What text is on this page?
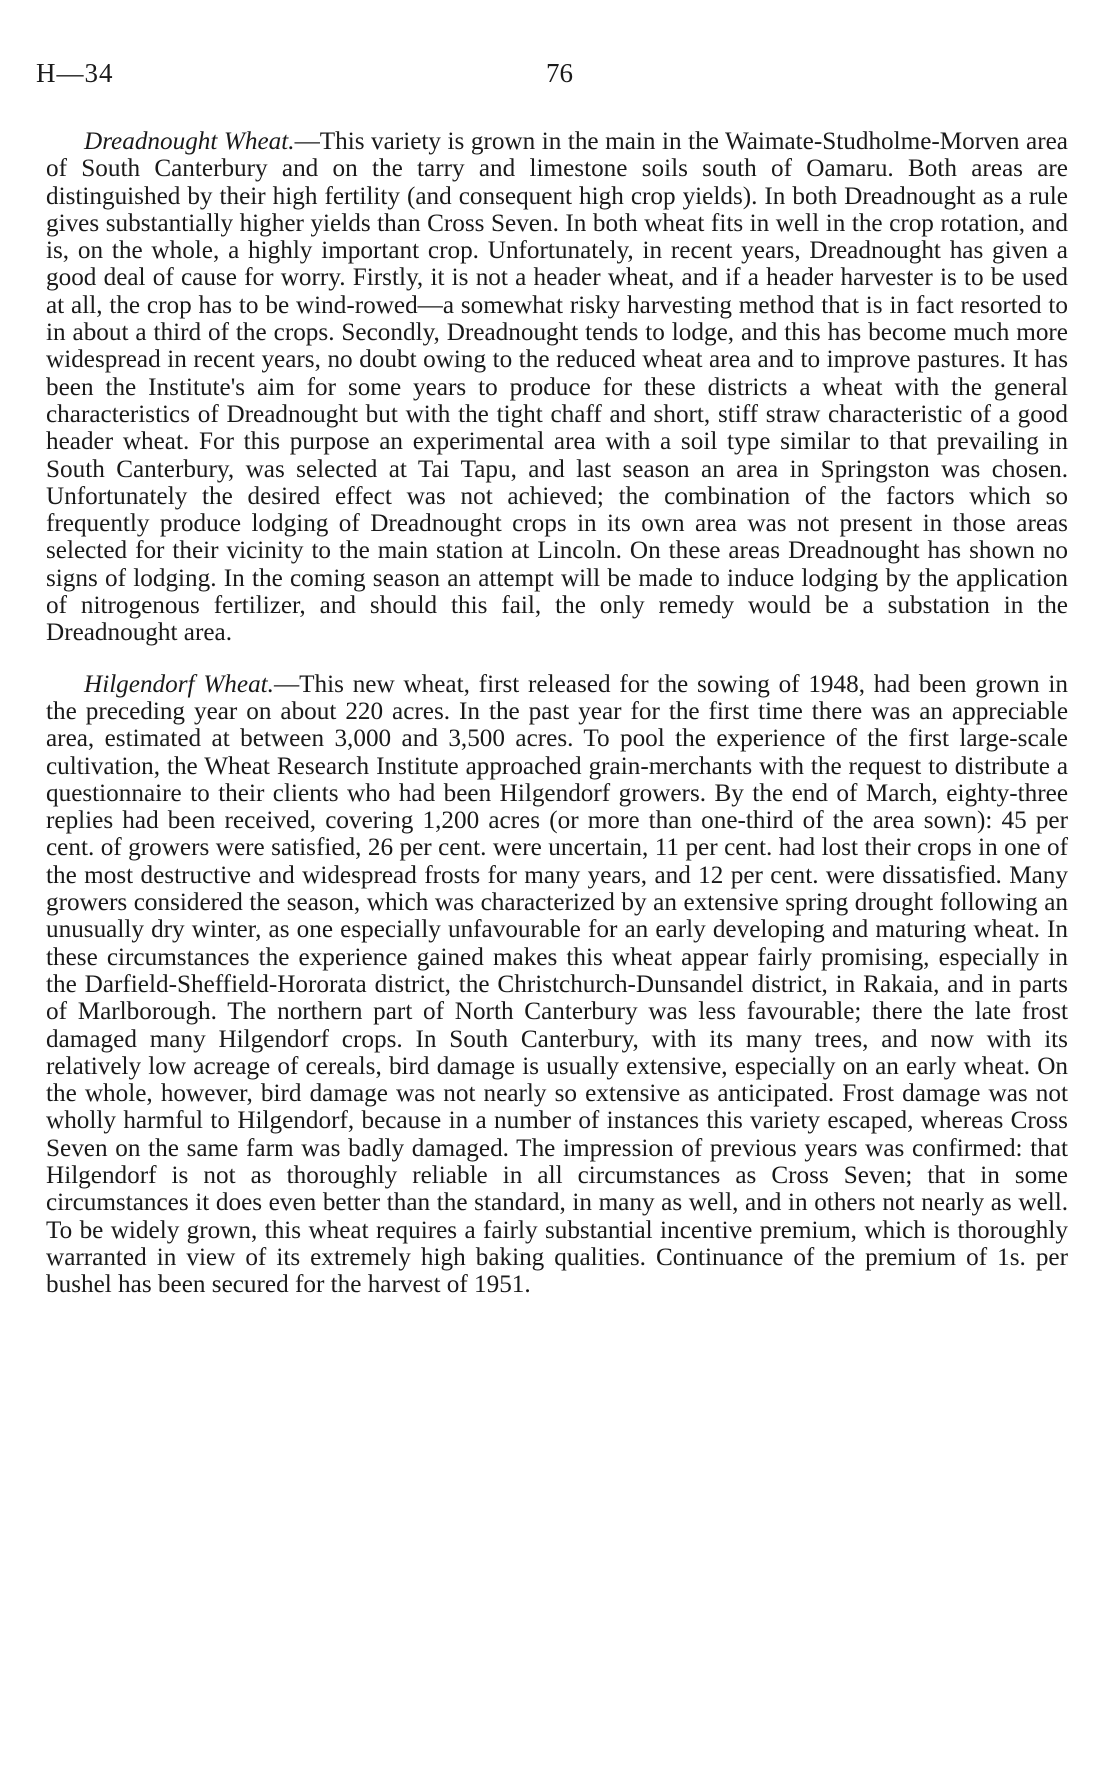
H—34	76

Dreadnought Wheat.—This variety is grown in the main in the Waimate-Studholme-Morven area of South Canterbury and on the tarry and limestone soils south of Oamaru. Both areas are distinguished by their high fertility (and consequent high crop yields). In both Dreadnought as a rule gives substantially higher yields than Cross Seven. In both wheat fits in well in the crop rotation, and is, on the whole, a highly important crop. Unfortunately, in recent years, Dreadnought has given a good deal of cause for worry. Firstly, it is not a header wheat, and if a header harvester is to be used at all, the crop has to be wind-rowed—a somewhat risky harvesting method that is in fact resorted to in about a third of the crops. Secondly, Dreadnought tends to lodge, and this has become much more widespread in recent years, no doubt owing to the reduced wheat area and to improve pastures. It has been the Institute's aim for some years to produce for these districts a wheat with the general characteristics of Dreadnought but with the tight chaff and short, stiff straw characteristic of a good header wheat. For this purpose an experimental area with a soil type similar to that prevailing in South Canterbury, was selected at Tai Tapu, and last season an area in Springston was chosen. Unfortunately the desired effect was not achieved; the combination of the factors which so frequently produce lodging of Dreadnought crops in its own area was not present in those areas selected for their vicinity to the main station at Lincoln. On these areas Dreadnought has shown no signs of lodging. In the coming season an attempt will be made to induce lodging by the application of nitrogenous fertilizer, and should this fail, the only remedy would be a substation in the Dreadnought area.

Hilgendorf Wheat.—This new wheat, first released for the sowing of 1948, had been grown in the preceding year on about 220 acres. In the past year for the first time there was an appreciable area, estimated at between 3,000 and 3,500 acres. To pool the experience of the first large-scale cultivation, the Wheat Research Institute approached grain-merchants with the request to distribute a questionnaire to their clients who had been Hilgendorf growers. By the end of March, eighty-three replies had been received, covering 1,200 acres (or more than one-third of the area sown): 45 per cent. of growers were satisfied, 26 per cent. were uncertain, 11 per cent. had lost their crops in one of the most destructive and widespread frosts for many years, and 12 per cent. were dissatisfied. Many growers considered the season, which was characterized by an extensive spring drought following an unusually dry winter, as one especially unfavourable for an early developing and maturing wheat. In these circumstances the experience gained makes this wheat appear fairly promising, especially in the Darfield-Sheffield-Hororata district, the Christchurch-Dunsandel district, in Rakaia, and in parts of Marlborough. The northern part of North Canterbury was less favourable; there the late frost damaged many Hilgendorf crops. In South Canterbury, with its many trees, and now with its relatively low acreage of cereals, bird damage is usually extensive, especially on an early wheat. On the whole, however, bird damage was not nearly so extensive as anticipated. Frost damage was not wholly harmful to Hilgendorf, because in a number of instances this variety escaped, whereas Cross Seven on the same farm was badly damaged. The impression of previous years was confirmed: that Hilgendorf is not as thoroughly reliable in all circumstances as Cross Seven; that in some circumstances it does even better than the standard, in many as well, and in others not nearly as well. To be widely grown, this wheat requires a fairly substantial incentive premium, which is thoroughly warranted in view of its extremely high baking qualities. Continuance of the premium of 1s. per bushel has been secured for the harvest of 1951.
